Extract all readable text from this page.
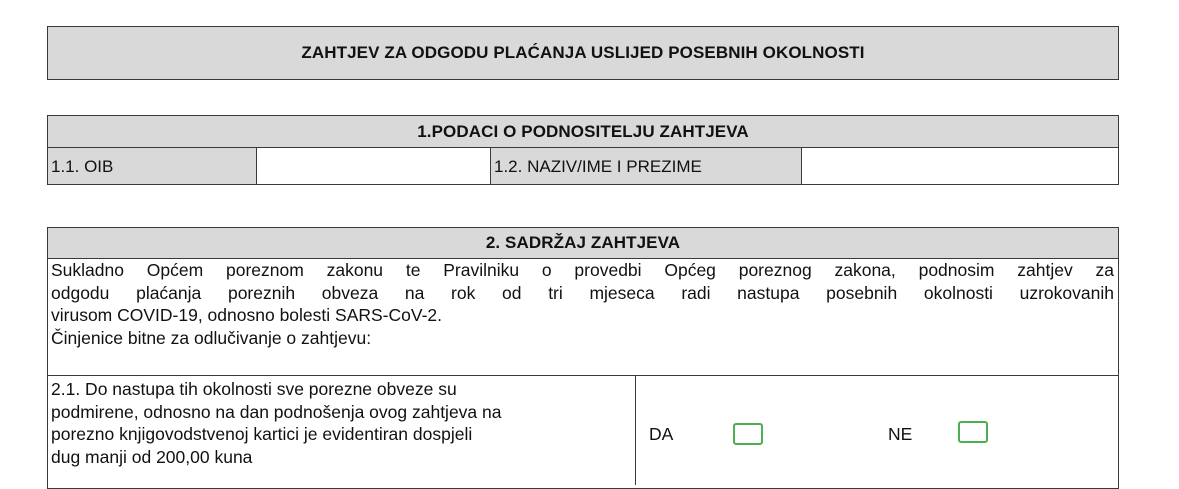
ZAHTJEV ZA ODGODU PLAĆANJA USLIJED POSEBNIH OKOLNOSTI
1.PODACI O PODNOSITELJU ZAHTJEVA
1.1. OIB	1.2. NAZIV/IME I PREZIME
2. SADRŽAJ ZAHTJEVA
Sukladno Općem poreznom zakonu te Pravilniku o provedbi Općeg poreznog zakona, podnosim zahtjev za
odgodu plaćanja poreznih obveza na rok od tri mjeseca radi nastupa posebnih okolnosti uzrokovanih
virusom COVID-19, odnosno bolesti SARS-CoV-2.
Činjenice bitne za odlučivanje o zahtjevu:
2.1. Do nastupa tih okolnosti sve porezne obveze su
podmirene, odnosno na dan podnošenja ovog zahtjeva na
porezno knjigovodstvenoj kartici je evidentiran dospjeli
dug manji od 200,00 kuna
DA	NE
